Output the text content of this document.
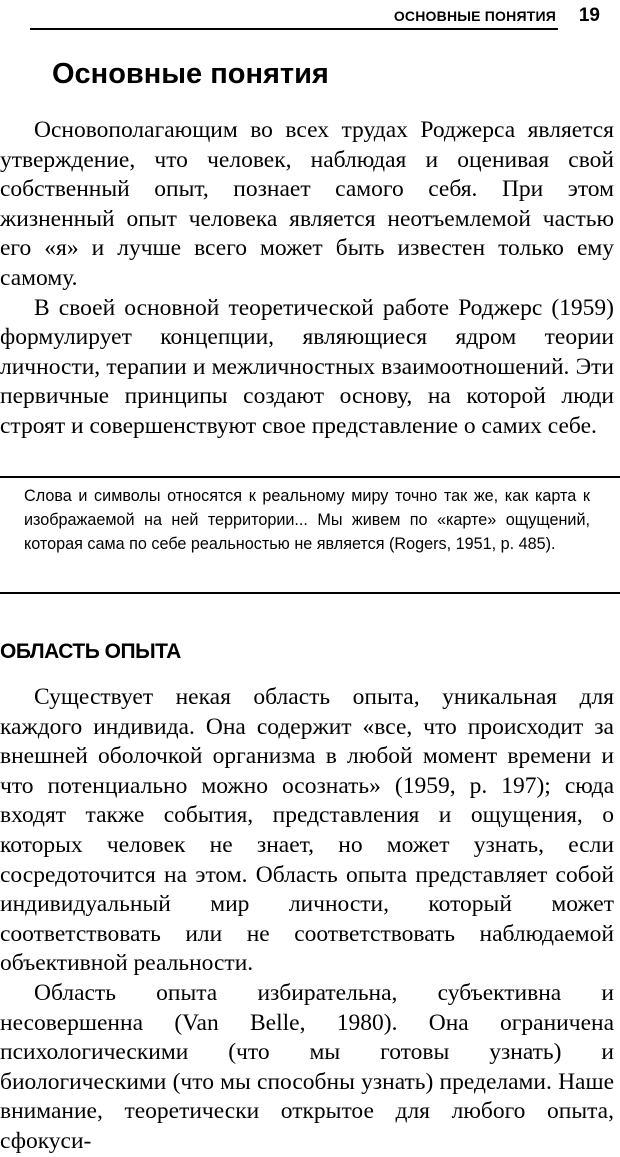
ОСНОВНЫЕ ПОНЯТИЯ 19
Основные понятия

Основополагающим во всех трудах Роджерса является утверждение, что человек, наблюдая и оценивая свой собственный опыт, познает самого себя. При этом жизненный опыт человека является неотъемлемой частью его «я» и лучше всего может быть известен только ему самому.

В своей основной теоретической работе Роджерс (1959) формулирует концепции, являющиеся ядром теории личности, терапии и межличностных взаимоотношений. Эти первичные принципы создают основу, на которой люди строят и совершенствуют свое представление о самих себе.

Слова и символы относятся к реальному миру точно так же, как карта к изображаемой на ней территории... Мы живем по «карте» ощущений, которая сама по себе реальностью не является (Rogers, 1951, p. 485).

ОБЛАСТЬ ОПЫТА

Существует некая область опыта, уникальная для каждого индивида. Она содержит «все, что происходит за внешней оболочкой организма в любой момент времени и что потенциально можно осознать» (1959, р. 197); сюда входят также события, представления и ощущения, о которых человек не знает, но может узнать, если сосредоточится на этом. Область опыта представляет собой индивидуальный мир личности, который может соответствовать или не соответствовать наблюдаемой объективной реальности.

Область опыта избирательна, субъективна и несовершенна (Van Belle, 1980). Она ограничена психологическими (что мы готовы узнать) и биологическими (что мы способны узнать) пределами. Наше внимание, теоретически открытое для любого опыта, сфокуси-
